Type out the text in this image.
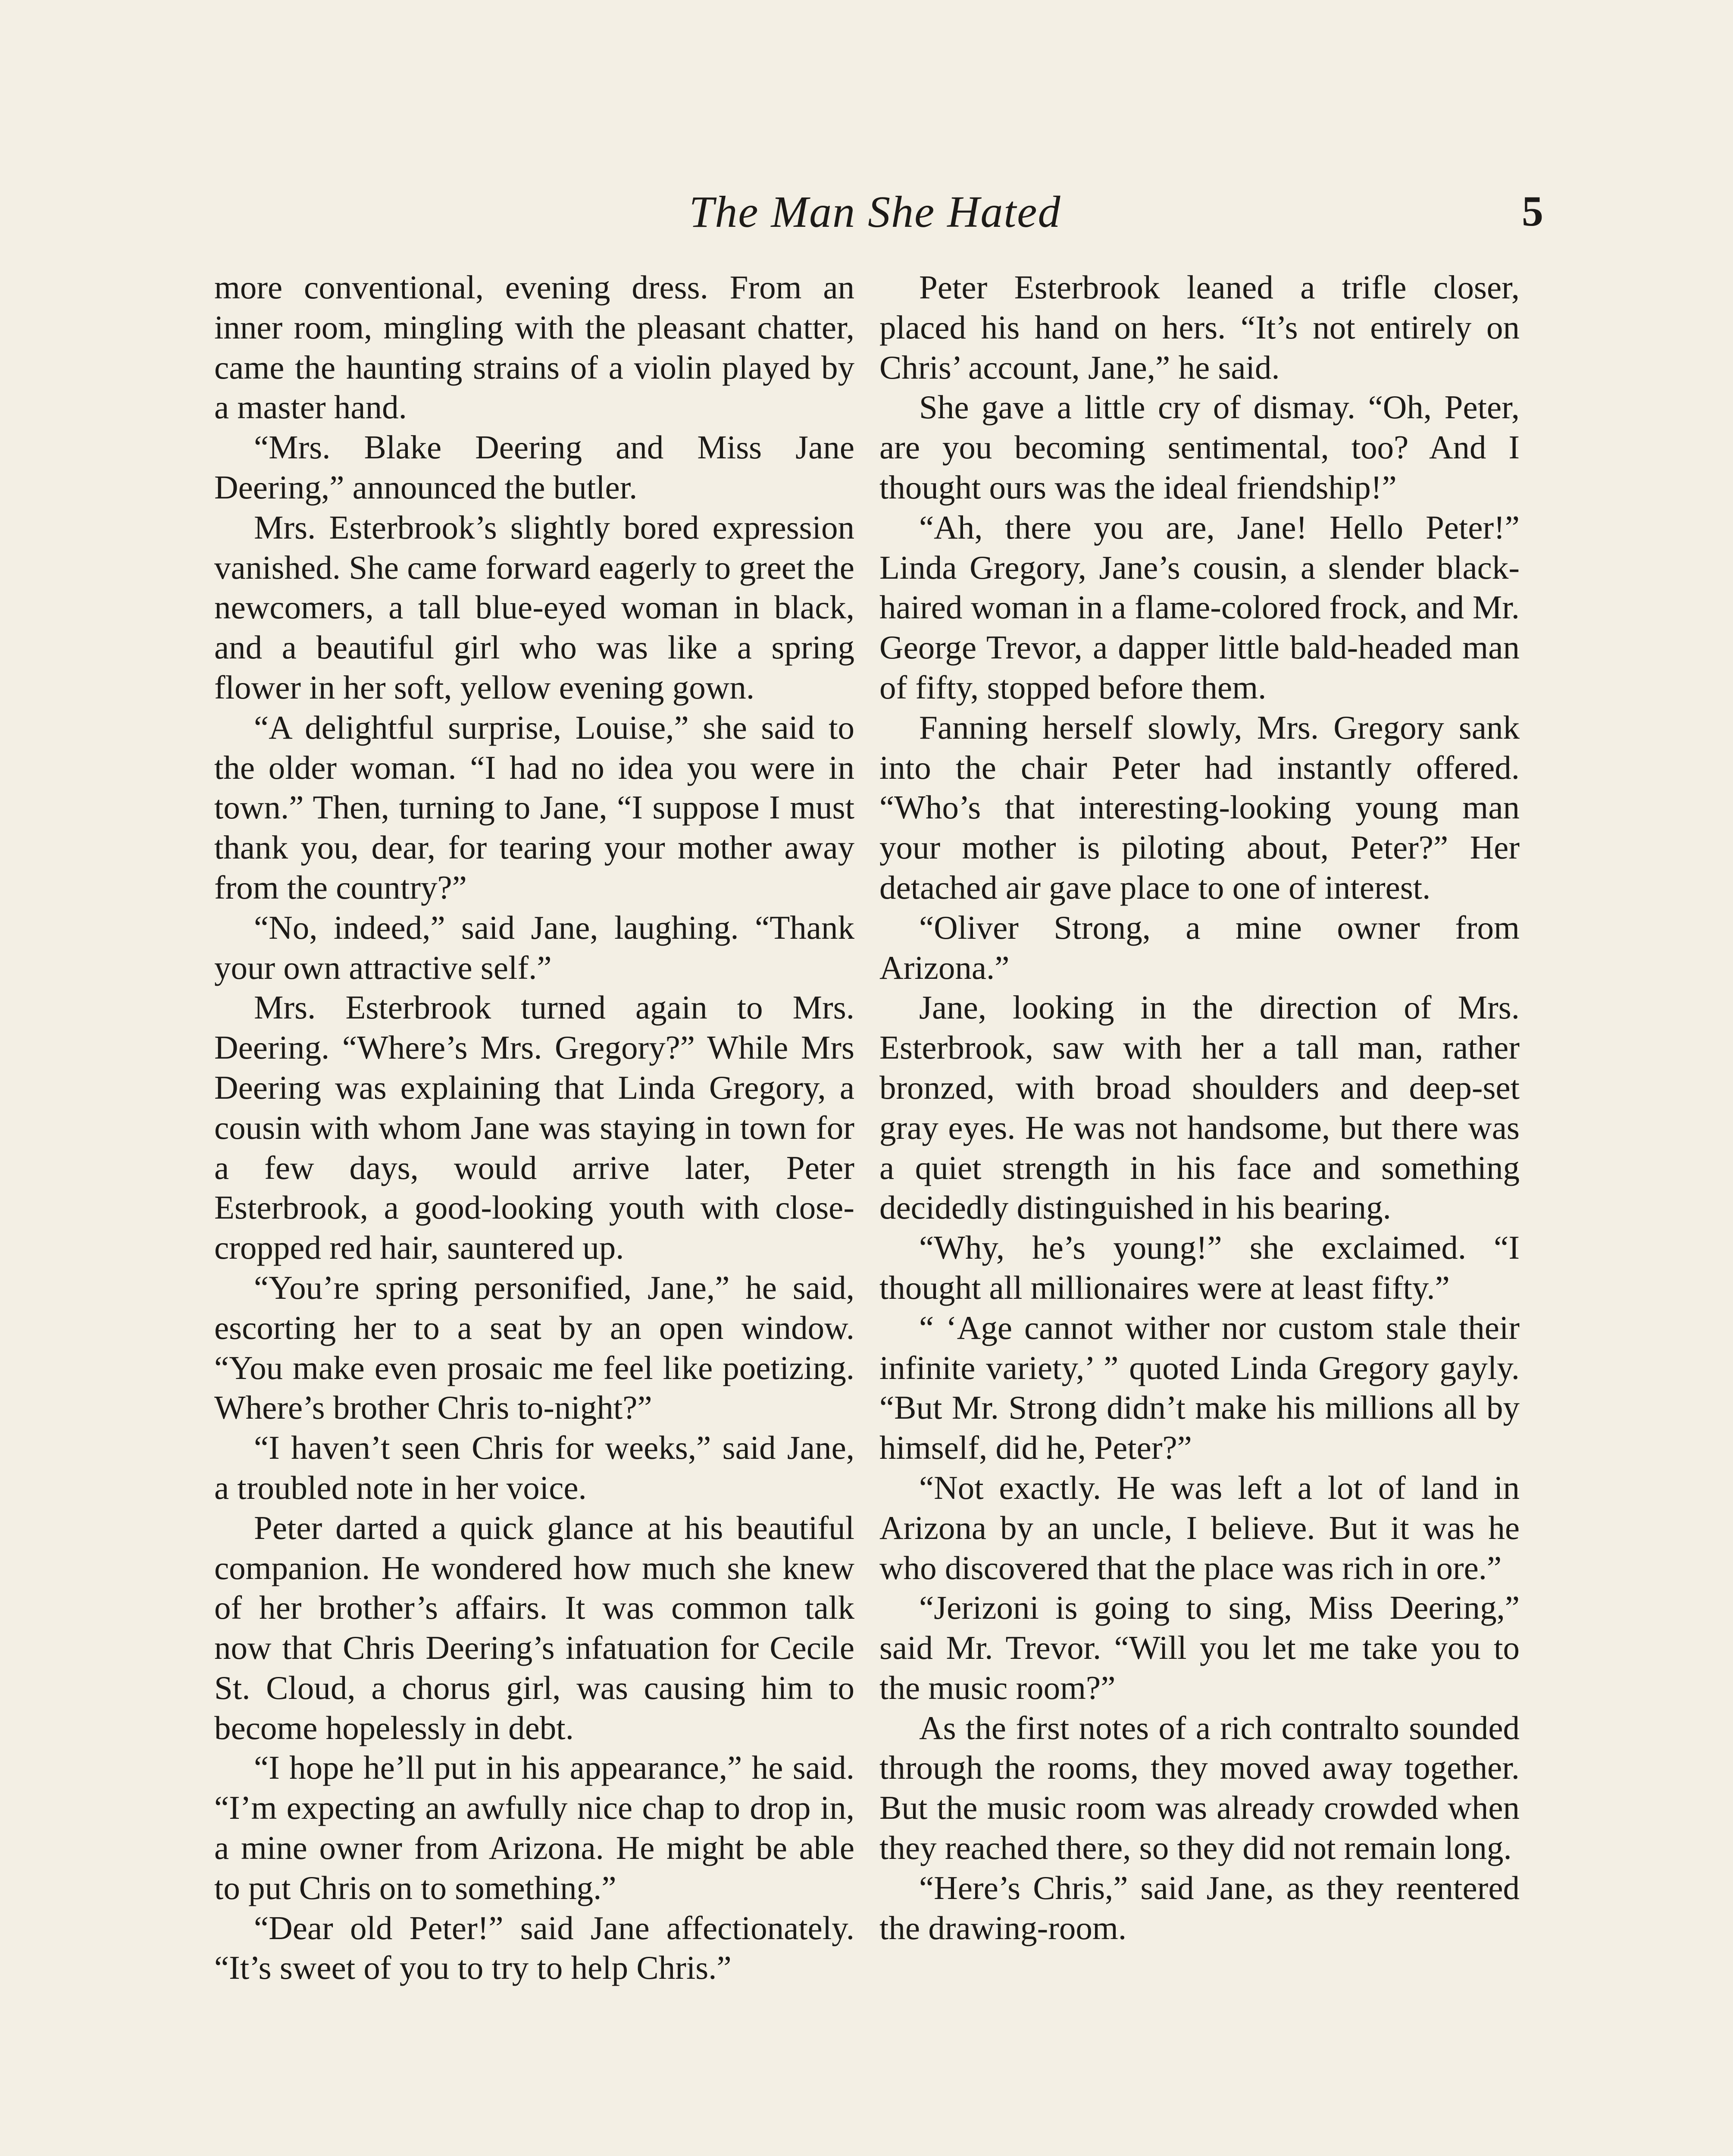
The Man She Hated	5

more conventional, evening dress. From an inner room, mingling with the pleasant chatter, came the haunting strains of a violin played by a master hand.

“Mrs. Blake Deering and Miss Jane Deering,” announced the butler.

Mrs. Esterbrook’s slightly bored expression vanished. She came forward eagerly to greet the newcomers, a tall blue-eyed woman in black, and a beautiful girl who was like a spring flower in her soft, yellow evening gown.

“A delightful surprise, Louise,” she said to the older woman. “I had no idea you were in town.” Then, turning to Jane, “I suppose I must thank you, dear, for tearing your mother away from the country?”

“No, indeed,” said Jane, laughing. “Thank your own attractive self.”

Mrs. Esterbrook turned again to Mrs. Deering. “Where’s Mrs. Gregory?” While Mrs Deering was explaining that Linda Gregory, a cousin with whom Jane was staying in town for a few days, would arrive later, Peter Esterbrook, a good-looking youth with close-cropped red hair, sauntered up.

“You’re spring personified, Jane,” he said, escorting her to a seat by an open window. “You make even prosaic me feel like poetizing. Where’s brother Chris to-night?”

“I haven’t seen Chris for weeks,” said Jane, a troubled note in her voice.

Peter darted a quick glance at his beautiful companion. He wondered how much she knew of her brother’s affairs. It was common talk now that Chris Deering’s infatuation for Cecile St. Cloud, a chorus girl, was causing him to become hopelessly in debt.

“I hope he’ll put in his appearance,” he said. “I’m expecting an awfully nice chap to drop in, a mine owner from Arizona. He might be able to put Chris on to something.”

“Dear old Peter!” said Jane affectionately. “It’s sweet of you to try to help Chris.”

Peter Esterbrook leaned a trifle closer, placed his hand on hers. “It’s not entirely on Chris’ account, Jane,” he said.

She gave a little cry of dismay. “Oh, Peter, are you becoming sentimental, too? And I thought ours was the ideal friendship!”

“Ah, there you are, Jane! Hello Peter!” Linda Gregory, Jane’s cousin, a slender black-haired woman in a flame-colored frock, and Mr. George Trevor, a dapper little bald-headed man of fifty, stopped before them.

Fanning herself slowly, Mrs. Gregory sank into the chair Peter had instantly offered. “Who’s that interesting-looking young man your mother is piloting about, Peter?” Her detached air gave place to one of interest.

“Oliver Strong, a mine owner from Arizona.”

Jane, looking in the direction of Mrs. Esterbrook, saw with her a tall man, rather bronzed, with broad shoulders and deep-set gray eyes. He was not handsome, but there was a quiet strength in his face and something decidedly distinguished in his bearing.

“Why, he’s young!” she exclaimed. “I thought all millionaires were at least fifty.”

“ ‘Age cannot wither nor custom stale their infinite variety,’ ” quoted Linda Gregory gayly. “But Mr. Strong didn’t make his millions all by himself, did he, Peter?”

“Not exactly. He was left a lot of land in Arizona by an uncle, I believe. But it was he who discovered that the place was rich in ore.”

“Jerizoni is going to sing, Miss Deering,” said Mr. Trevor. “Will you let me take you to the music room?”

As the first notes of a rich contralto sounded through the rooms, they moved away together. But the music room was already crowded when they reached there, so they did not remain long.

“Here’s Chris,” said Jane, as they reentered the drawing-room.
